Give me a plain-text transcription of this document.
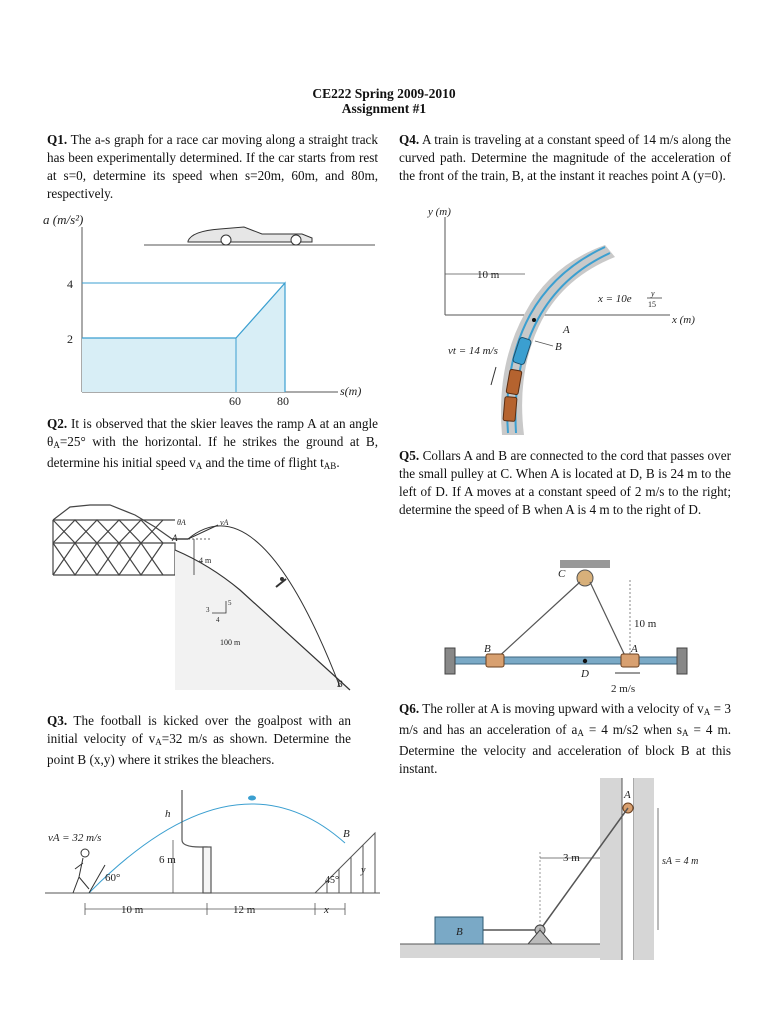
CE222 Spring 2009-2010
Assignment #1
Q1. The a-s graph for a race car moving along a straight track has been experimentally determined. If the car starts from rest at s=0, determine its speed when s=20m, 60m, and 80m, respectively.
a (m/s²)
4
2
60	80
s(m)
Q2. It is observed that the skier leaves the ramp A at an angle $\theta_A=25^\circ$ with the horizontal. If he strikes the ground at B, determine his initial speed $v_A$ and the time of flight $t_{AB}$.
θA	vA
A
4 m
3
4
5
100 m
B
Q3. The football is kicked over the goalpost with an initial velocity of $v_A=32$ m/s as shown. Determine the point B (x,y) where it strikes the bleachers.
h
6 m
vA = 32 m/s
60°
B
45°
y
10 m	12 m	x
Q4. A train is traveling at a constant speed of 14 m/s along the curved path. Determine the magnitude of the acceleration of the front of the train, B, at the instant it reaches point A (y=0).
y (m)
x (m)
10 m
A
B
vt = 14 m/s
x = 10e y
15
Q5. Collars A and B are connected to the cord that passes over the small pulley at C. When A is located at D, B is 24 m to the left of D. If A moves at a constant speed of 2 m/s to the right; determine the speed of B when A is 4 m to the right of D.
C
10 m
B	A
D
2 m/s
Q6. The roller at A is moving upward with a velocity of $v_A = 3$ m/s and has an acceleration of $a_A = 4$ m/s2 when $s_A = 4$ m. Determine the velocity and acceleration of block B at this instant.
A
B
3 m	sA = 4 m
